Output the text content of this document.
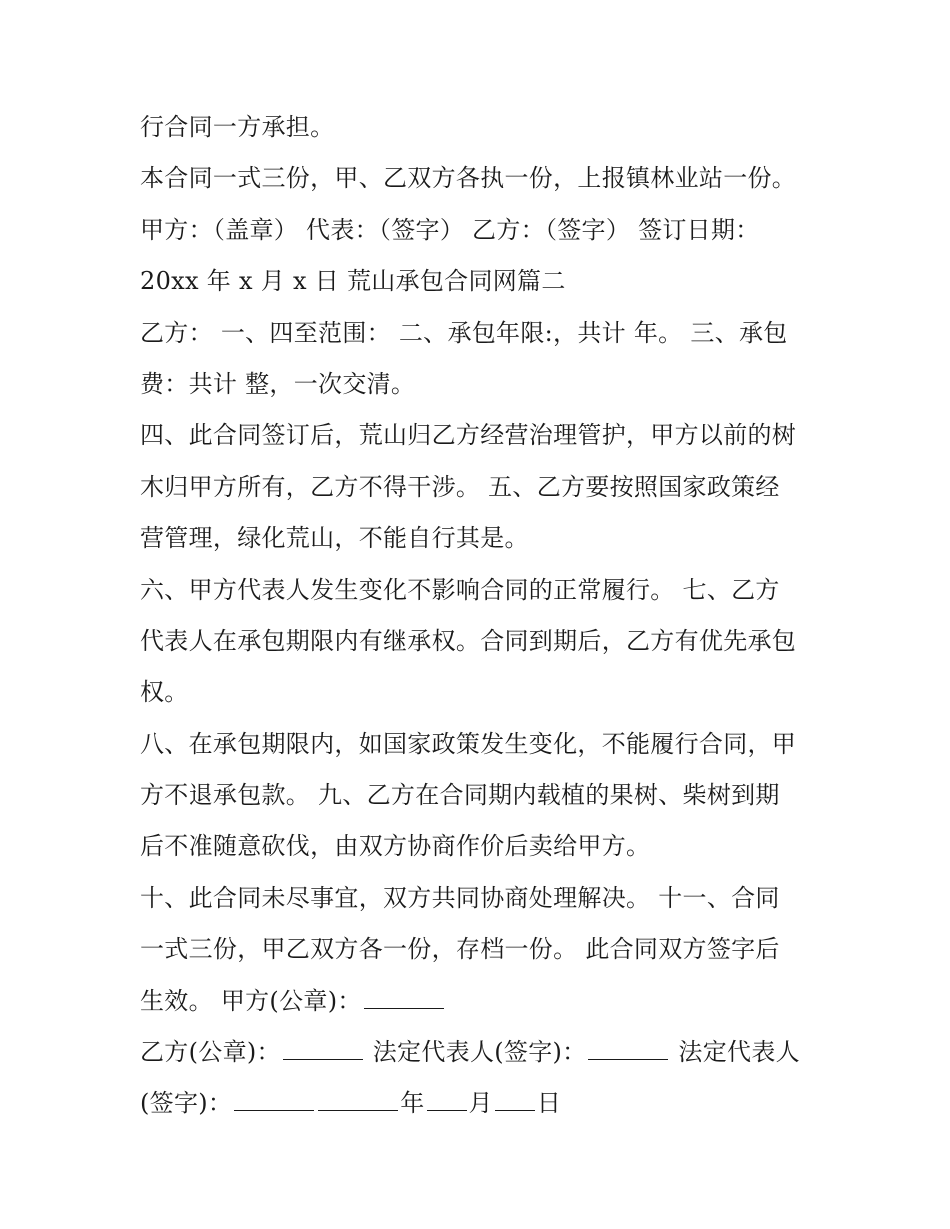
行合同一方承担。
本合同一式三份，甲、乙双方各执一份，上报镇林业站一份。
甲方：（盖章） 代表：（签字） 乙方：（签字） 签订日期：
20xx 年 x 月 x 日 荒山承包合同网篇二
乙方： 一、四至范围： 二、承包年限:，共计 年。 三、承包
费：共计 整，一次交清。
四、此合同签订后，荒山归乙方经营治理管护，甲方以前的树
木归甲方所有，乙方不得干涉。 五、乙方要按照国家政策经
营管理，绿化荒山，不能自行其是。
六、甲方代表人发生变化不影响合同的正常履行。 七、乙方
代表人在承包期限内有继承权。合同到期后，乙方有优先承包
权。
八、在承包期限内，如国家政策发生变化，不能履行合同，甲
方不退承包款。 九、乙方在合同期内载植的果树、柴树到期
后不准随意砍伐，由双方协商作价后卖给甲方。
十、此合同未尽事宜，双方共同协商处理解决。 十一、合同
一式三份，甲乙双方各一份，存档一份。 此合同双方签字后
生效。 甲方(公章)：
乙方(公章)：	法定代表人(签字)：	法定代表人
(签字)：	年 月 日
